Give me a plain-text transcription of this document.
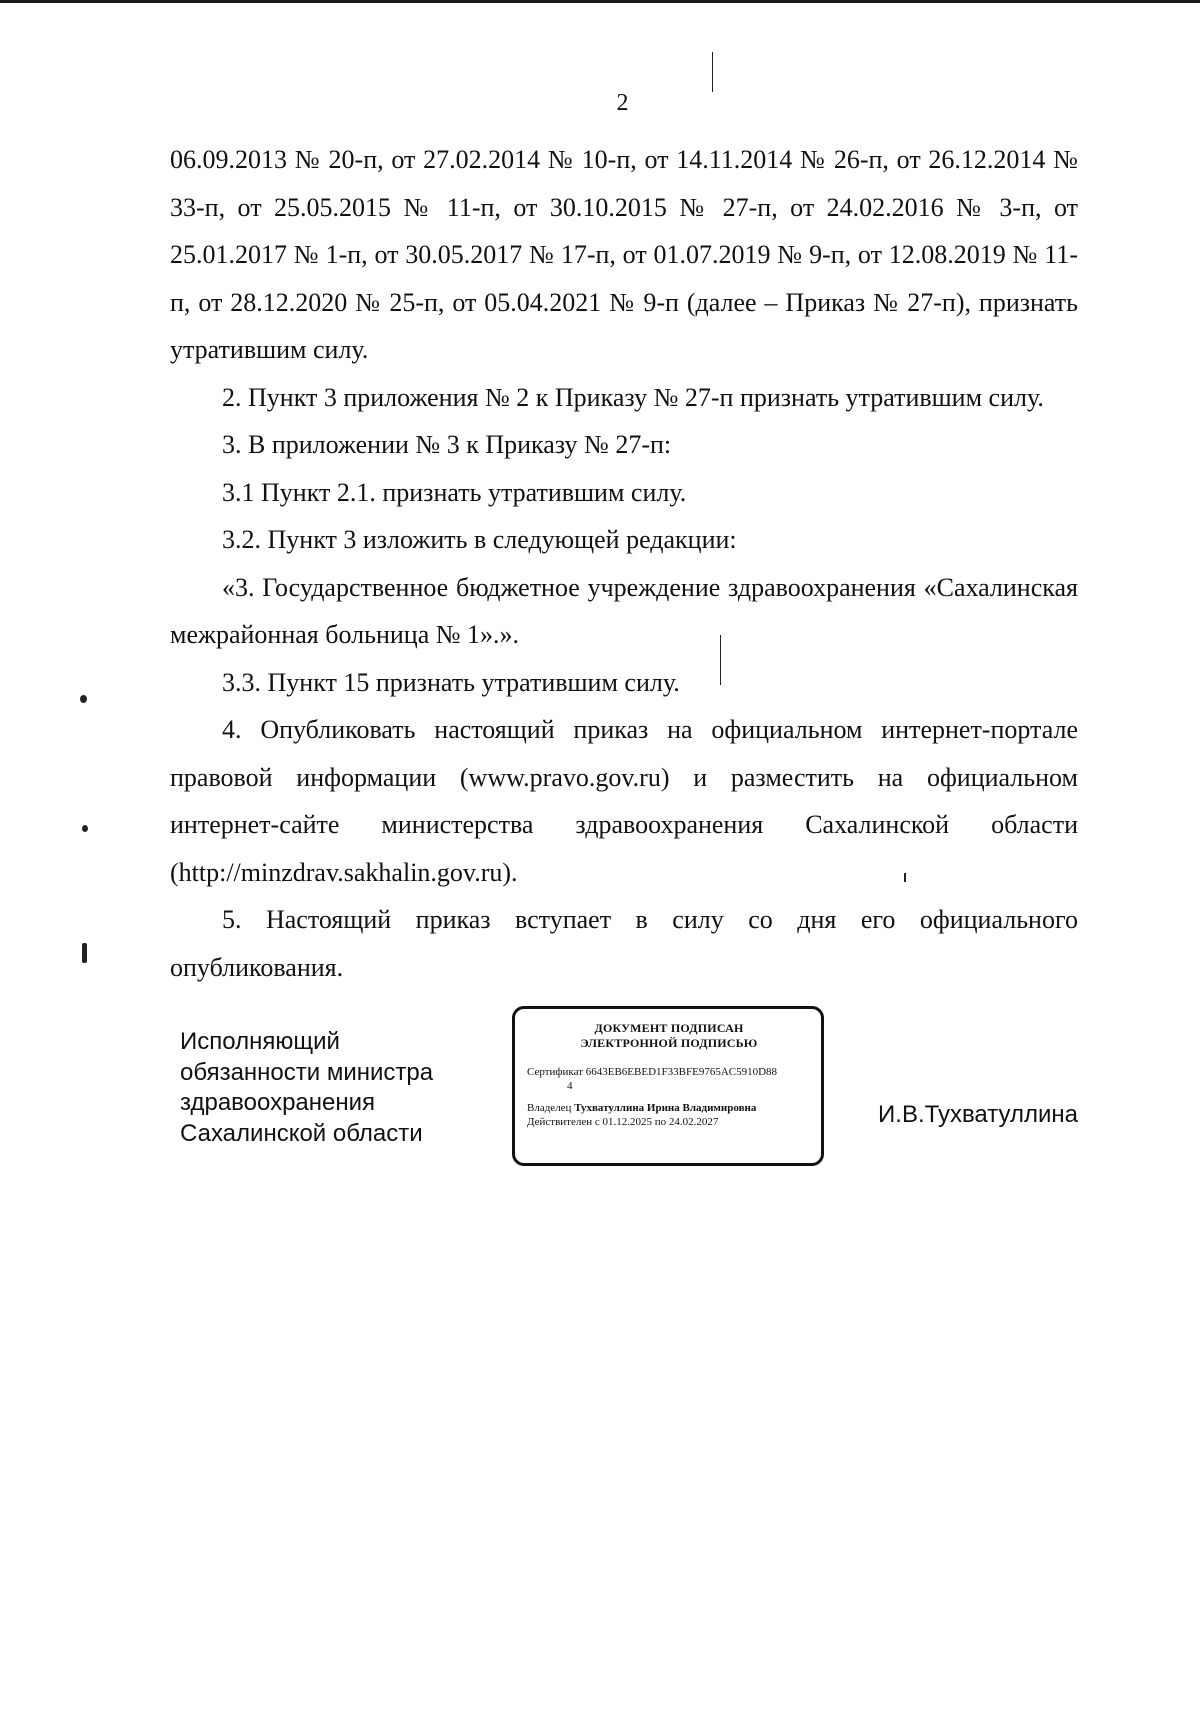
2

06.09.2013 № 20-п, от 27.02.2014 № 10-п, от 14.11.2014 № 26-п, от 26.12.2014 № 33-п, от 25.05.2015 № 11-п, от 30.10.2015 № 27-п, от 24.02.2016 № 3-п, от 25.01.2017 № 1-п, от 30.05.2017 № 17-п, от 01.07.2019 № 9-п, от 12.08.2019 № 11-п, от 28.12.2020 № 25-п, от 05.04.2021 № 9-п (далее – Приказ № 27-п), признать утратившим силу.

2. Пункт 3 приложения № 2 к Приказу № 27-п признать утратившим силу.

3. В приложении № 3 к Приказу № 27-п:

3.1 Пункт 2.1. признать утратившим силу.

3.2. Пункт 3 изложить в следующей редакции:

«3. Государственное бюджетное учреждение здравоохранения «Сахалинская межрайонная больница № 1».».

3.3. Пункт 15 признать утратившим силу.

4. Опубликовать настоящий приказ на официальном интернет-портале правовой информации (www.pravo.gov.ru) и разместить на официальном интернет-сайте министерства здравоохранения Сахалинской области (http://minzdrav.sakhalin.gov.ru).

5. Настоящий приказ вступает в силу со дня его официального опубликования.

Исполняющий
обязанности министра
здравоохранения
Сахалинской области
ДОКУМЕНТ ПОДПИСАН
ЭЛЕКТРОННОЙ ПОДПИСЬЮ
Сертификат 6643EB6EBED1F33BFE9765AC5910D88
4
Владелец Тухватуллина Ирина Владимировна
Действителен с 01.12.2025 по 24.02.2027	И.В.Тухватуллина
